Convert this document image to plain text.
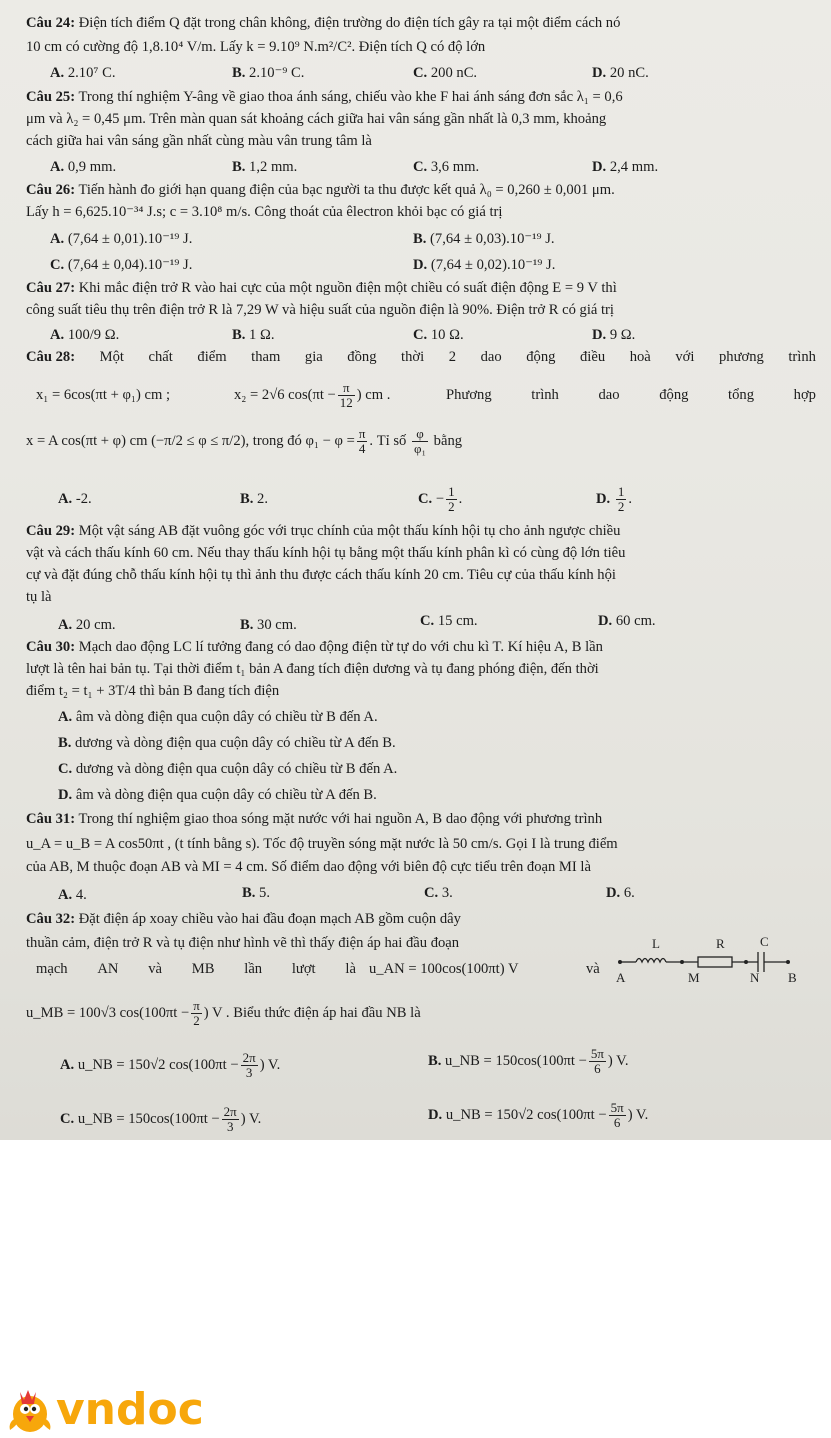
Câu 24: Điện tích điểm Q đặt trong chân không, điện trường do điện tích gây ra tại một điểm cách nó
10 cm có cường độ 1,8.10⁴ V/m. Lấy k = 9.10⁹ N.m²/C². Điện tích Q có độ lớn
A. 2.10⁷ C.	B. 2.10⁻⁹ C.	C. 200 nC.	D. 20 nC.
Câu 25: Trong thí nghiệm Y-âng về giao thoa ánh sáng, chiếu vào khe F hai ánh sáng đơn sắc λ₁ = 0,6
μm và λ₂ = 0,45 μm. Trên màn quan sát khoảng cách giữa hai vân sáng gần nhất là 0,3 mm, khoảng
cách giữa hai vân sáng gần nhất cùng màu vân trung tâm là
A. 0,9 mm.	B. 1,2 mm.	C. 3,6 mm.	D. 2,4 mm.
Câu 26: Tiến hành đo giới hạn quang điện của bạc người ta thu được kết quả λ₀ = 0,260 ± 0,001 μm.
Lấy h = 6,625.10⁻³⁴ J.s; c = 3.10⁸ m/s. Công thoát của êlectron khỏi bạc có giá trị
A. (7,64 ± 0,01).10⁻¹⁹ J.	B. (7,64 ± 0,03).10⁻¹⁹ J.
C. (7,64 ± 0,04).10⁻¹⁹ J.	D. (7,64 ± 0,02).10⁻¹⁹ J.
Câu 27: Khi mắc điện trở R vào hai cực của một nguồn điện một chiều có suất điện động E = 9 V thì
công suất tiêu thụ trên điện trở R là 7,29 W và hiệu suất của nguồn điện là 90%. Điện trở R có giá trị
A. 100/9 Ω.	B. 1 Ω.	C. 10 Ω.	D. 9 Ω.
Câu 28: Một chất điểm tham gia đồng thời 2 dao động điều hoà với phương trình
x₁ = 6cos(πt + φ₁) cm ;	x₂ = 2√6 $\cos(\pi t - \frac{\pi}{12}$ ) cm .	Phương	trình	dao	động	tổng	hợp
x = A cos(πt + φ) cm (−π/2 ≤ φ ≤ π/2), trong đó $\varphi_1 - \varphi = \frac{\pi}{4}$ . Tỉ số $\frac{\varphi}{\text{φ₁}}$ bằng
A. -2.	B. 2.	C. − $\frac{1}{2}$ .	D. $\frac{1}{2}$ .
Câu 29: Một vật sáng AB đặt vuông góc với trục chính của một thấu kính hội tụ cho ảnh ngược chiều
vật và cách thấu kính 60 cm. Nếu thay thấu kính hội tụ bằng một thấu kính phân kì có cùng độ lớn tiêu
cự và đặt đúng chỗ thấu kính hội tụ thì ảnh thu được cách thấu kính 20 cm. Tiêu cự của thấu kính hội
tụ là
A. 20 cm.	B. 30 cm.	C. 15 cm.	D. 60 cm.
Câu 30: Mạch dao động LC lí tưởng đang có dao động điện từ tự do với chu kì T. Kí hiệu A, B lần
lượt là tên hai bản tụ. Tại thời điểm t₁ bản A đang tích điện dương và tụ đang phóng điện, đến thời
điểm t₂ = t₁ + 3T/4 thì bản B đang tích điện
A. âm và dòng điện qua cuộn dây có chiều từ B đến A.
B. dương và dòng điện qua cuộn dây có chiều từ A đến B.
C. dương và dòng điện qua cuộn dây có chiều từ B đến A.
D. âm và dòng điện qua cuộn dây có chiều từ A đến B.
Câu 31: Trong thí nghiệm giao thoa sóng mặt nước với hai nguồn A, B dao động với phương trình
u_A = u_B = A cos50πt , (t tính bằng s). Tốc độ truyền sóng mặt nước là 50 cm/s. Gọi I là trung điểm
của AB, M thuộc đoạn AB và MI = 4 cm. Số điểm dao động với biên độ cực tiểu trên đoạn MI là
A. 4.	B. 5.	C. 3.	D. 6.
Câu 32: Đặt điện áp xoay chiều vào hai đầu đoạn mạch AB gồm cuộn dây
thuần cảm, điện trở R và tụ điện như hình vẽ thì thấy điện áp hai đầu đoạn
mạch AN và MB lần lượt là u_AN = 100cos(100πt) V	và
u_MB = 100√3 $\cos(100\pi t - \frac{\pi}{2}$ ) V . Biểu thức điện áp hai đầu NB là
A. u_NB = 150√2 $\cos(100\pi t - \frac{2\pi}{3}$ ) V.	B. u_NB = $150\cos(100\pi t - \frac{5\pi}{6}$ ) V.
C. u_NB = $150\cos(100\pi t - \frac{2\pi}{3}$ ) V.	D. u_NB = 150√2 $\cos(100\pi t - \frac{5\pi}{6}$ ) V.
L	R	C
A	M	N B
vndoc
